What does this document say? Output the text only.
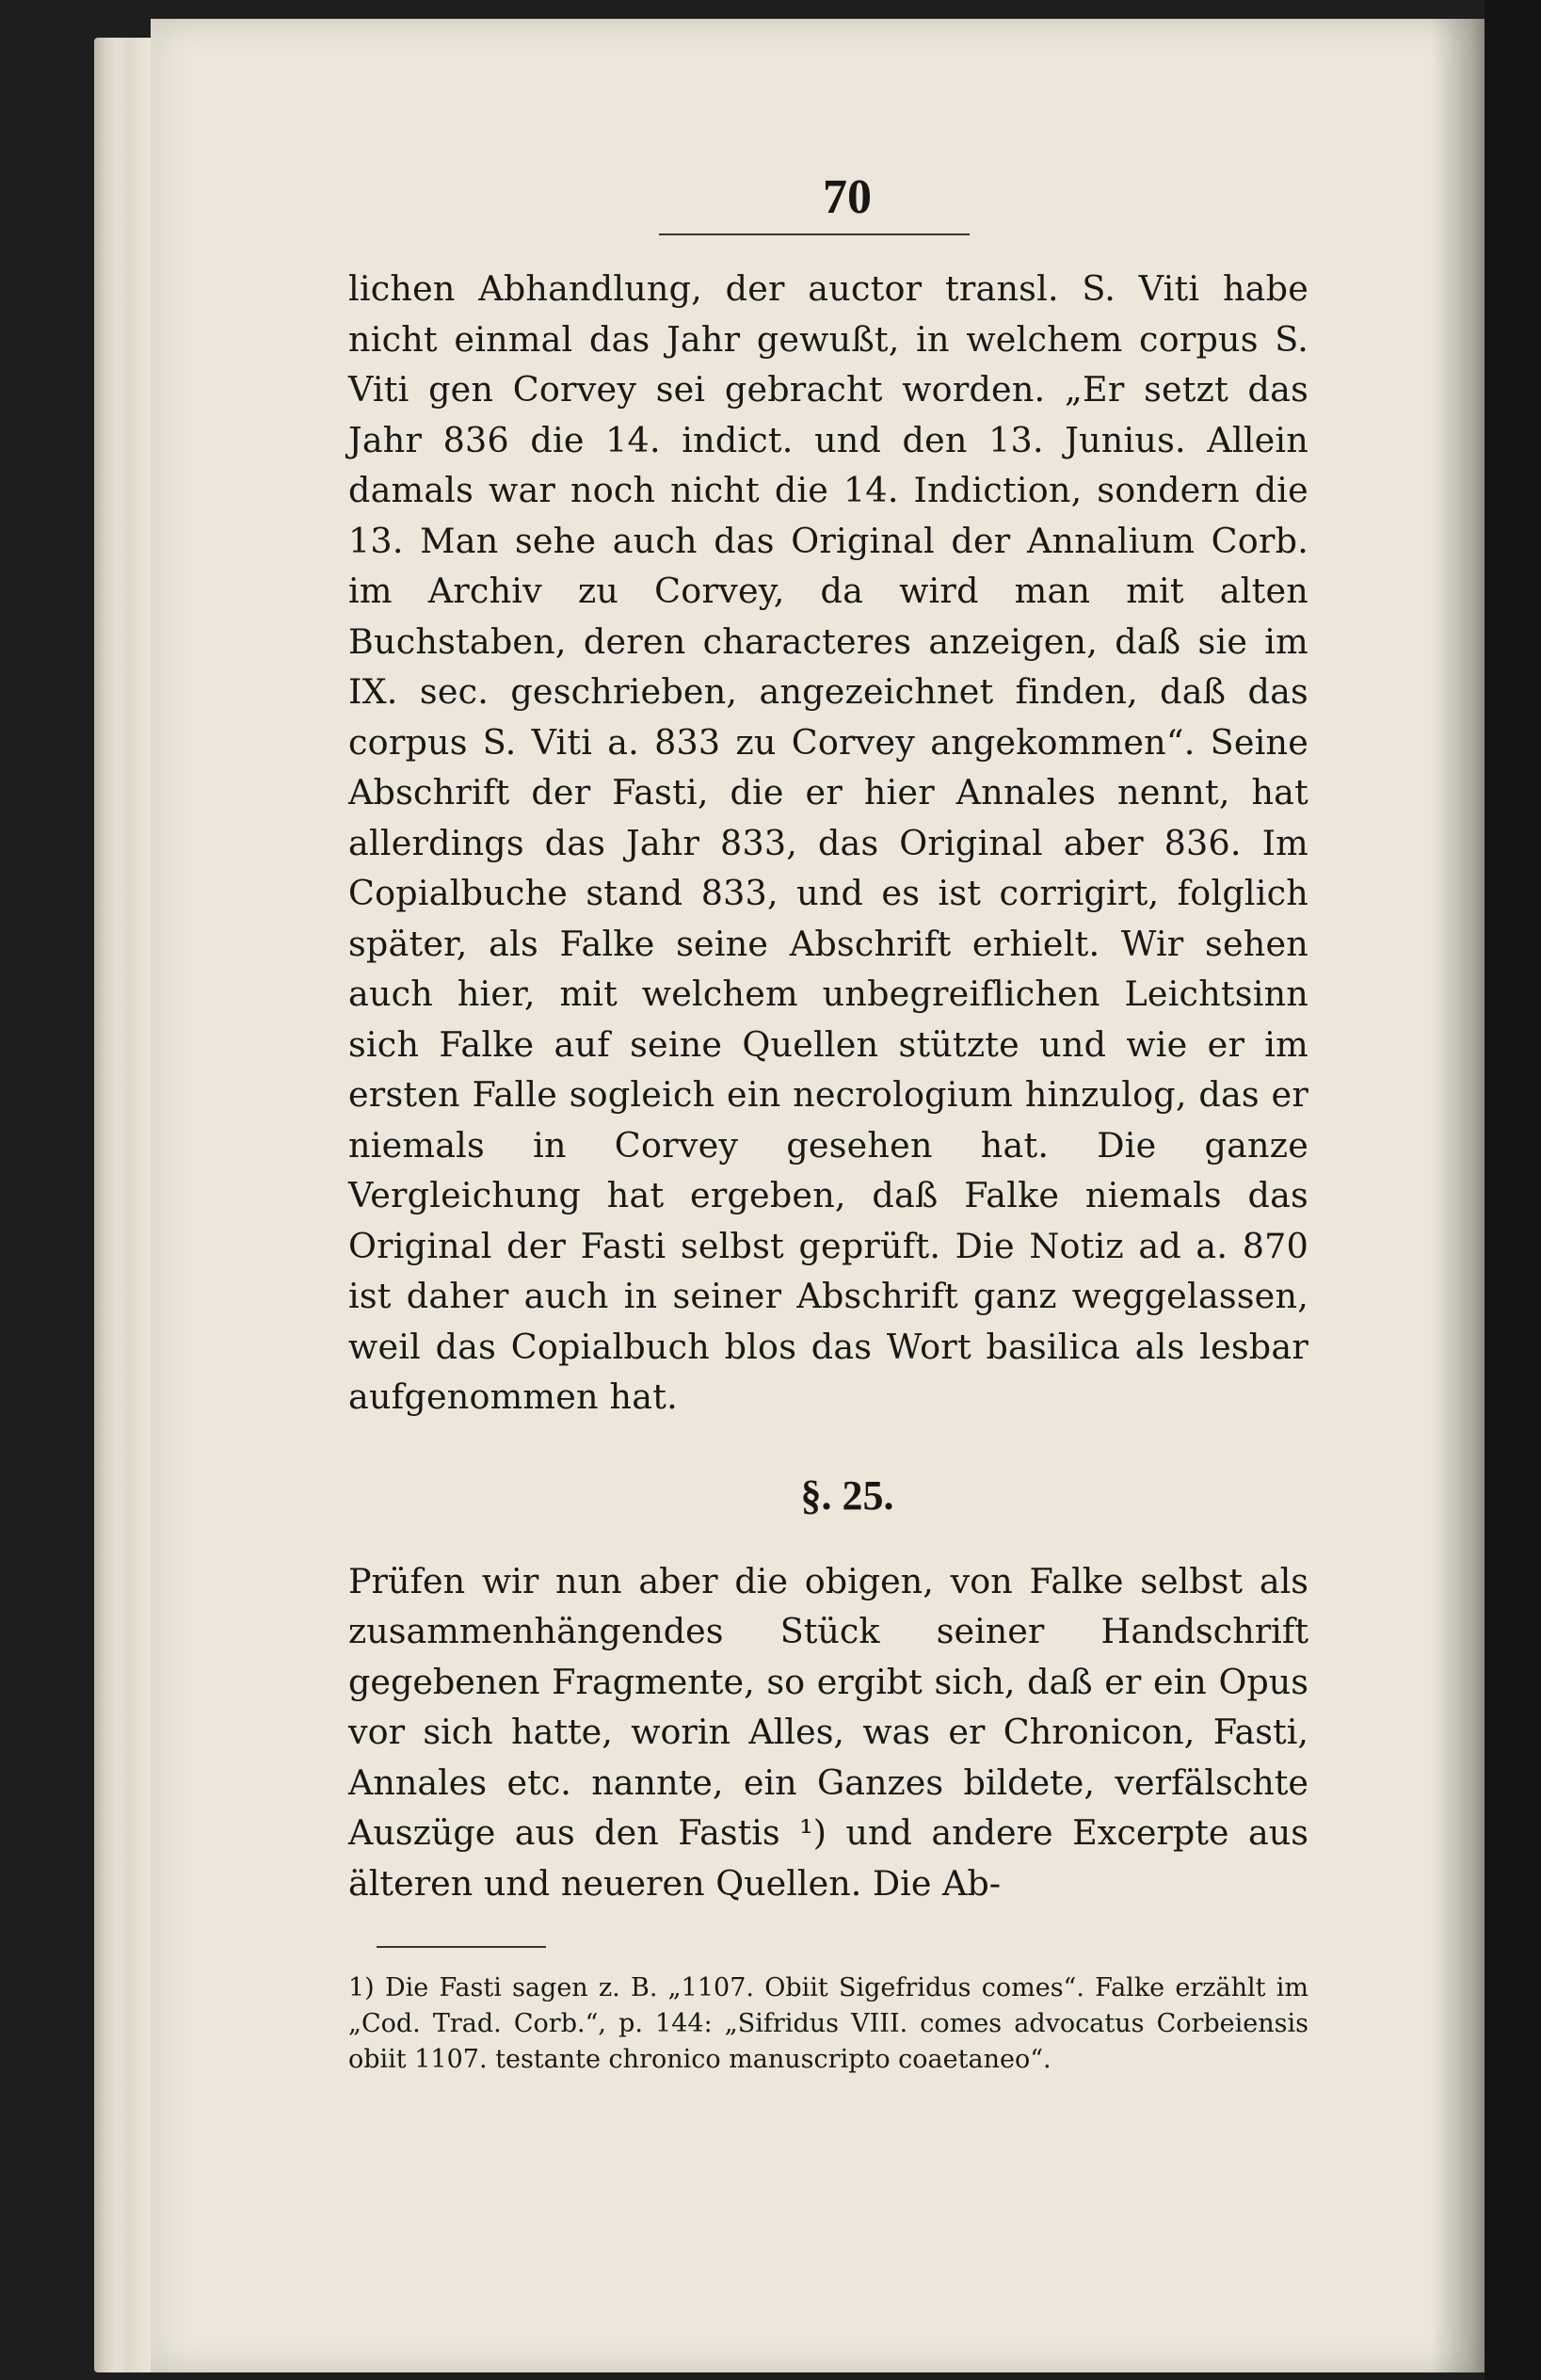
70

lichen Abhandlung, der auctor transl. S. Viti habe nicht einmal das Jahr gewußt, in welchem corpus S. Viti gen Corvey sei gebracht worden. „Er setzt das Jahr 836 die 14. indict. und den 13. Junius. Allein damals war noch nicht die 14. Indiction, sondern die 13. Man sehe auch das Original der Annalium Corb. im Archiv zu Corvey, da wird man mit alten Buchstaben, deren characteres anzeigen, daß sie im IX. sec. geschrieben, angezeichnet finden, daß das corpus S. Viti a. 833 zu Corvey angekommen“. Seine Abschrift der Fasti, die er hier Annales nennt, hat allerdings das Jahr 833, das Original aber 836. Im Copialbuche stand 833, und es ist corrigirt, folglich später, als Falke seine Abschrift erhielt. Wir sehen auch hier, mit welchem unbegreiflichen Leichtsinn sich Falke auf seine Quellen stützte und wie er im ersten Falle sogleich ein necrologium hinzulog, das er niemals in Corvey gesehen hat. Die ganze Vergleichung hat ergeben, daß Falke niemals das Original der Fasti selbst geprüft. Die Notiz ad a. 870 ist daher auch in seiner Abschrift ganz weggelassen, weil das Copialbuch blos das Wort basilica als lesbar aufgenommen hat.

§. 25.

Prüfen wir nun aber die obigen, von Falke selbst als zusammenhängendes Stück seiner Handschrift gegebenen Fragmente, so ergibt sich, daß er ein Opus vor sich hatte, worin Alles, was er Chronicon, Fasti, Annales etc. nannte, ein Ganzes bildete, verfälschte Auszüge aus den Fastis ¹) und andere Excerpte aus älteren und neueren Quellen. Die Ab-

1) Die Fasti sagen z. B. „1107. Obiit Sigefridus comes“. Falke erzählt im „Cod. Trad. Corb.“, p. 144: „Sifridus VIII. comes advocatus Corbeiensis obiit 1107. testante chronico manuscripto coaetaneo“.
